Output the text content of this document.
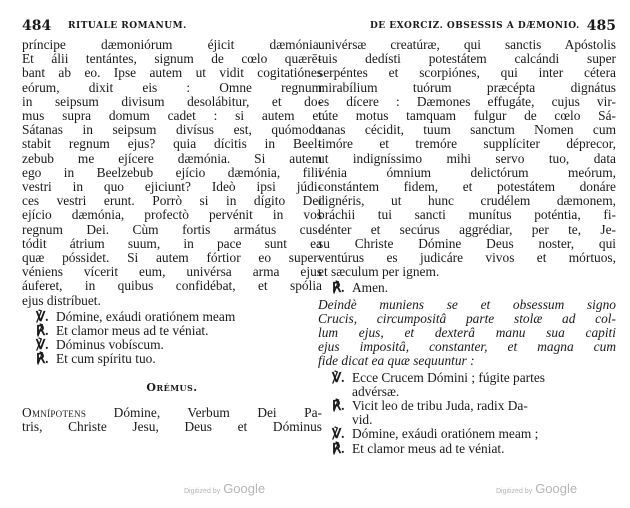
484 RITUALE ROMANUM.
príncipe dæmoniórum éjicit dæmónia.
Et álii tentántes, signum de cœlo quærē-
bant ab eo. Ipse autem ut vidit cogitatiónes
eórum, dixit eis : Omne regnum
in seipsum divisum desolábitur, et do-
mus supra domum cadet : si autem et
Sátanas in seipsum divísus est, quómodo
stabit regnum ejus? quia dícitis in Beel-
zebub me ejícere dæmónia. Si autem
ego in Beelzebub ejício dæmónia, filii
vestri in quo ejiciunt? Ideò ipsi júdi-
ces vestri erunt. Porrò si in dígito Dei
ejício dæmónia, profectò pervénit in vos
regnum Dei. Cùm fortis armátus cus-
tódit átrium suum, in pace sunt ea
quæ póssidet. Si autem fórtior eo super-
véniens vícerit eum, univérsa arma ejus
áuferet, in quibus confidébat, et spólia
ejus distríbuet.
℣. Dómine, exáudi oratiónem meam
℟. Et clamor meus ad te véniat.
℣. Dóminus vobíscum.
℟. Et cum spíritu tuo.
Orémus.
Omnípotens Dómine, Verbum Dei Pa-
tris, Christe Jesu, Deus et Dóminus
DE EXORCIZ. OBSESSIS A DÆMONIO. 485
univérsæ creatúræ, qui sanctis Apóstolis
tuis dedísti potestátem calcándi super
serpéntes et scorpiónes, qui inter cétera
mirabílium tuórum præcépta dignátus
es dícere : Dæmones effugáte, cujus vir-
túte motus tamquam fulgur de cœlo Sá-
tanas cécidit, tuum sanctum Nomen cum
timóre et tremóre supplíciter déprecor,
ut indigníssimo mihi servo tuo, data
vénia ómnium delictórum meórum,
constántem fidem, et potestátem donáre
dignéris, ut hunc crudélem dæmonem,
bráchii tui sancti munítus poténtia, fi-
dénter et secúrus aggrédiar, per te, Je-
su Christe Dómine Deus noster, qui
ventúrus es judicáre vivos et mórtuos,
et sæculum per ignem.
℟. Amen.
Deindè muniens se et obsessum signo
Crucis, circumpositâ parte stolæ ad col-
lum ejus, et dexterâ manu sua capiti
ejus impositâ, constanter, et magna cum
fide dicat ea quæ sequuntur :
℣. Ecce Crucem Dómini ; fúgite partes
advérsæ.
℟. Vicit leo de tribu Juda, radix Da-
vid.
℣. Dómine, exáudi oratiónem meam ;
℟. Et clamor meus ad te véniat.
Digitized by Google	Digitized by Google
